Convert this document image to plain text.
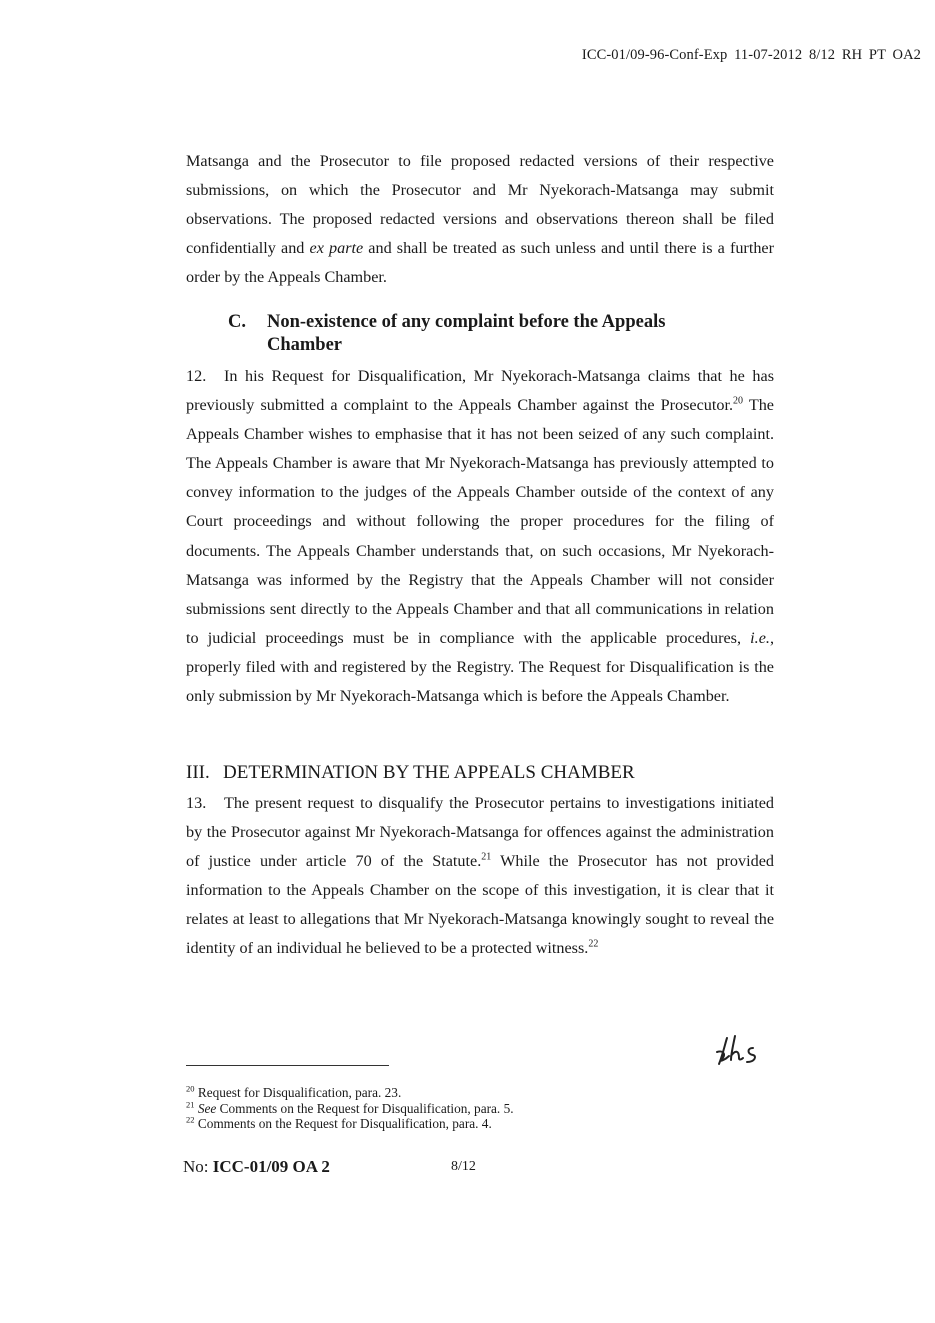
ICC-01/09-96-Conf-Exp 11-07-2012 8/12 RH PT OA2

Matsanga and the Prosecutor to file proposed redacted versions of their respective submissions, on which the Prosecutor and Mr Nyekorach-Matsanga may submit observations. The proposed redacted versions and observations thereon shall be filed confidentially and ex parte and shall be treated as such unless and until there is a further order by the Appeals Chamber.

C. Non-existence of any complaint before the Appeals Chamber

12. In his Request for Disqualification, Mr Nyekorach-Matsanga claims that he has previously submitted a complaint to the Appeals Chamber against the Prosecutor.$^{20}$ The Appeals Chamber wishes to emphasise that it has not been seized of any such complaint. The Appeals Chamber is aware that Mr Nyekorach-Matsanga has previously attempted to convey information to the judges of the Appeals Chamber outside of the context of any Court proceedings and without following the proper procedures for the filing of documents. The Appeals Chamber understands that, on such occasions, Mr Nyekorach-Matsanga was informed by the Registry that the Appeals Chamber will not consider submissions sent directly to the Appeals Chamber and that all communications in relation to judicial proceedings must be in compliance with the applicable procedures, i.e., properly filed with and registered by the Registry. The Request for Disqualification is the only submission by Mr Nyekorach-Matsanga which is before the Appeals Chamber.

III. DETERMINATION BY THE APPEALS CHAMBER

13. The present request to disqualify the Prosecutor pertains to investigations initiated by the Prosecutor against Mr Nyekorach-Matsanga for offences against the administration of justice under article 70 of the Statute.$^{21}$ While the Prosecutor has not provided information to the Appeals Chamber on the scope of this investigation, it is clear that it relates at least to allegations that Mr Nyekorach-Matsanga knowingly sought to reveal the identity of an individual he believed to be a protected witness.$^{22}$

$^{20}$ Request for Disqualification, para. 23.
$^{21}$ See Comments on the Request for Disqualification, para. 5.
$^{22}$ Comments on the Request for Disqualification, para. 4.
No: ICC-01/09 OA 2	8/12
